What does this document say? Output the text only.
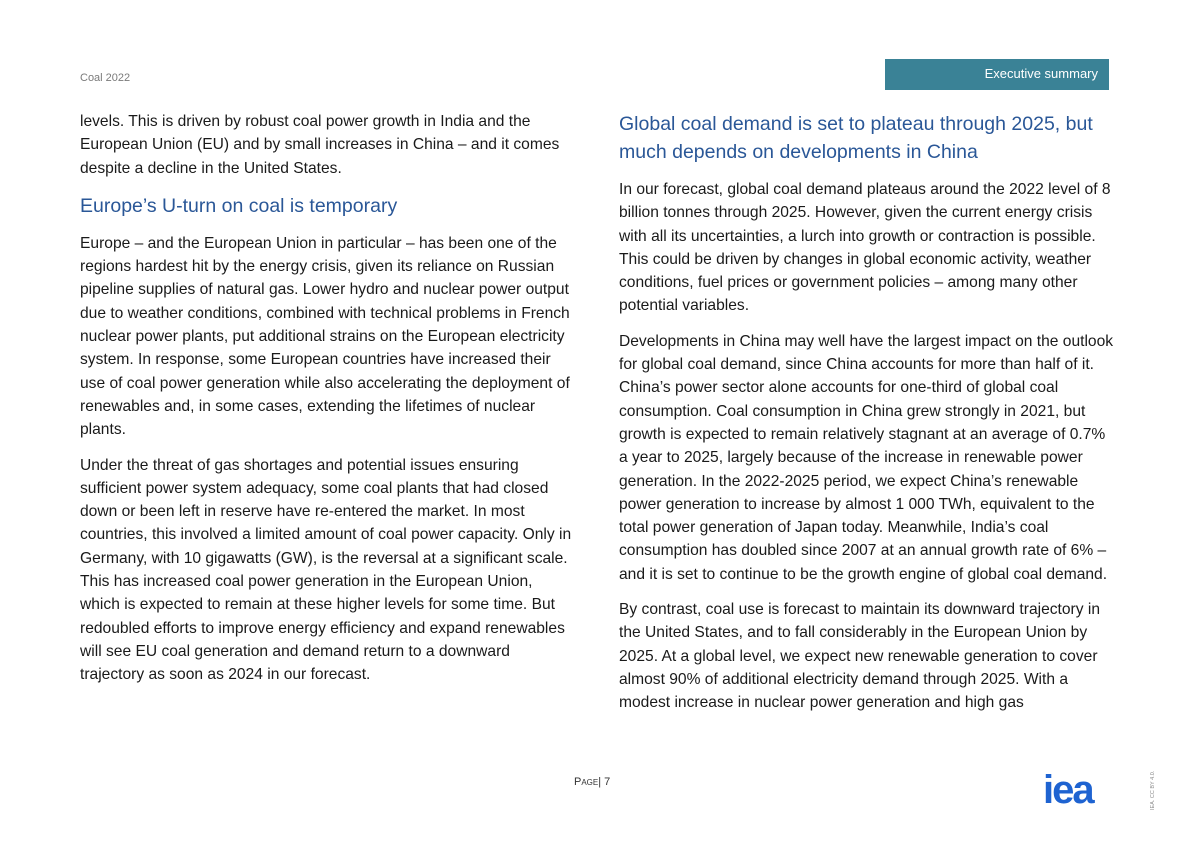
Coal 2022	Executive summary

levels. This is driven by robust coal power growth in India and the European Union (EU) and by small increases in China – and it comes despite a decline in the United States.

Europe’s U-turn on coal is temporary

Europe – and the European Union in particular – has been one of the regions hardest hit by the energy crisis, given its reliance on Russian pipeline supplies of natural gas. Lower hydro and nuclear power output due to weather conditions, combined with technical problems in French nuclear power plants, put additional strains on the European electricity system. In response, some European countries have increased their use of coal power generation while also accelerating the deployment of renewables and, in some cases, extending the lifetimes of nuclear plants.

Under the threat of gas shortages and potential issues ensuring sufficient power system adequacy, some coal plants that had closed down or been left in reserve have re-entered the market. In most countries, this involved a limited amount of coal power capacity. Only in Germany, with 10 gigawatts (GW), is the reversal at a significant scale. This has increased coal power generation in the European Union, which is expected to remain at these higher levels for some time. But redoubled efforts to improve energy efficiency and expand renewables will see EU coal generation and demand return to a downward trajectory as soon as 2024 in our forecast.

Global coal demand is set to plateau through 2025, but much depends on developments in China

In our forecast, global coal demand plateaus around the 2022 level of 8 billion tonnes through 2025. However, given the current energy crisis with all its uncertainties, a lurch into growth or contraction is possible. This could be driven by changes in global economic activity, weather conditions, fuel prices or government policies – among many other potential variables.

Developments in China may well have the largest impact on the outlook for global coal demand, since China accounts for more than half of it. China’s power sector alone accounts for one-third of global coal consumption. Coal consumption in China grew strongly in 2021, but growth is expected to remain relatively stagnant at an average of 0.7% a year to 2025, largely because of the increase in renewable power generation. In the 2022-2025 period, we expect China’s renewable power generation to increase by almost 1 000 TWh, equivalent to the total power generation of Japan today. Meanwhile, India’s coal consumption has doubled since 2007 at an annual growth rate of 6% – and it is set to continue to be the growth engine of global coal demand.

By contrast, coal use is forecast to maintain its downward trajectory in the United States, and to fall considerably in the European Union by 2025. At a global level, we expect new renewable generation to cover almost 90% of additional electricity demand through 2025. With a modest increase in nuclear power generation and high gas

Page| 7	iea	IEA. CC BY 4.0.
